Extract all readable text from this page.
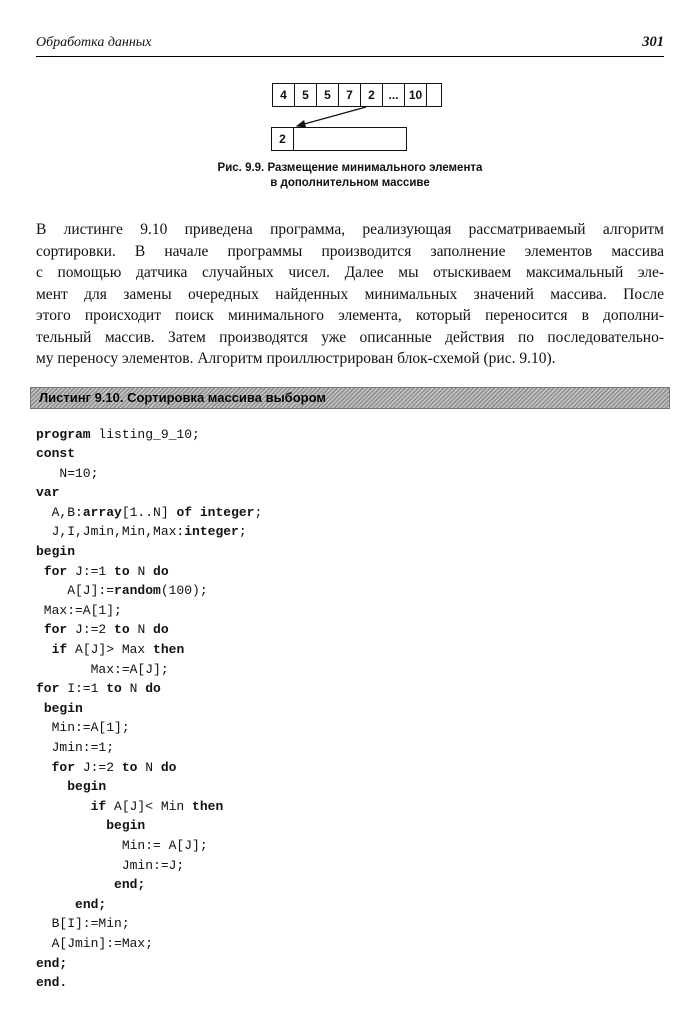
Обработка данных	301
4	5	5	7	2	... 10
2
Рис. 9.9. Размещение минимального элемента
в дополнительном массиве
В листинге 9.10 приведена программа, реализующая рассматриваемый алгоритм
сортировки. В начале программы производится заполнение элементов массива
с помощью датчика случайных чисел. Далее мы отыскиваем максимальный эле-
мент для замены очередных найденных минимальных значений массива. После
этого происходит поиск минимального элемента, который переносится в дополни-
тельный массив. Затем производятся уже описанные действия по последовательно-
му переносу элементов. Алгоритм проиллюстрирован блок-схемой (рис. 9.10).
Листинг 9.10. Сортировка массива выбором
program listing_9_10;
const
N=10;
var
A,B:array[1..N] of integer;
J,I,Jmin,Min,Max:integer;
begin
for J:=1 to N do
A[J]:=random(100);
Max:=A[1];
for J:=2 to N do
if A[J]> Max then
Max:=A[J];
for I:=1 to N do
begin
Min:=A[1];
Jmin:=1;
for J:=2 to N do
begin
if A[J]< Min then
begin
Min:= A[J];
Jmin:=J;
end;
end;
B[I]:=Min;
A[Jmin]:=Max;
end;
end.
